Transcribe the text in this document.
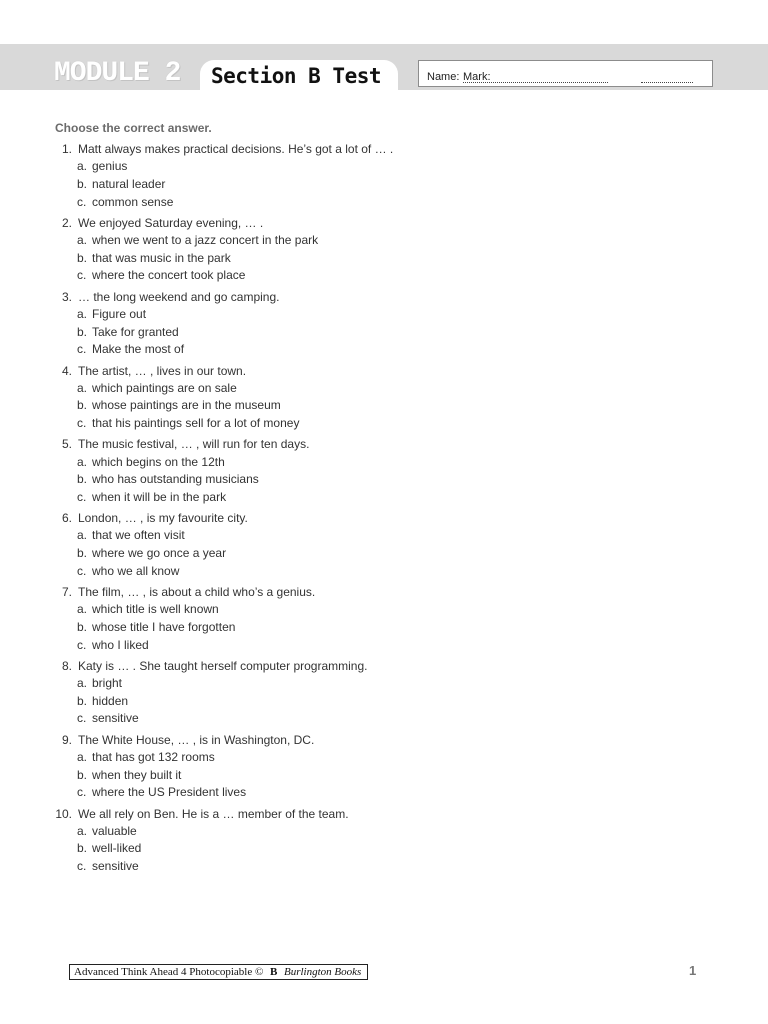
MODULE 2 Section B Test	Name: Mark:
Choose the correct answer.
1. Matt always makes practical decisions. He’s got a lot of … .
a. genius
b. natural leader
c. common sense
2. We enjoyed Saturday evening, … .
a. when we went to a jazz concert in the park
b. that was music in the park
c. where the concert took place
3. … the long weekend and go camping.
a. Figure out
b. Take for granted
c. Make the most of
4. The artist, … , lives in our town.
a. which paintings are on sale
b. whose paintings are in the museum
c. that his paintings sell for a lot of money
5. The music festival, … , will run for ten days.
a. which begins on the 12th
b. who has outstanding musicians
c. when it will be in the park
6. London, … , is my favourite city.
a. that we often visit
b. where we go once a year
c. who we all know
7. The film, … , is about a child who’s a genius.
a. which title is well known
b. whose title I have forgotten
c. who I liked
8. Katy is … . She taught herself computer programming.
a. bright
b. hidden
c. sensitive
9. The White House, … , is in Washington, DC.
a. that has got 132 rooms
b. when they built it
c. where the US President lives
10. We all rely on Ben. He is a … member of the team.
a. valuable
b. well-liked
c. sensitive
Advanced Think Ahead 4 Photocopiable © B Burlington Books	1
